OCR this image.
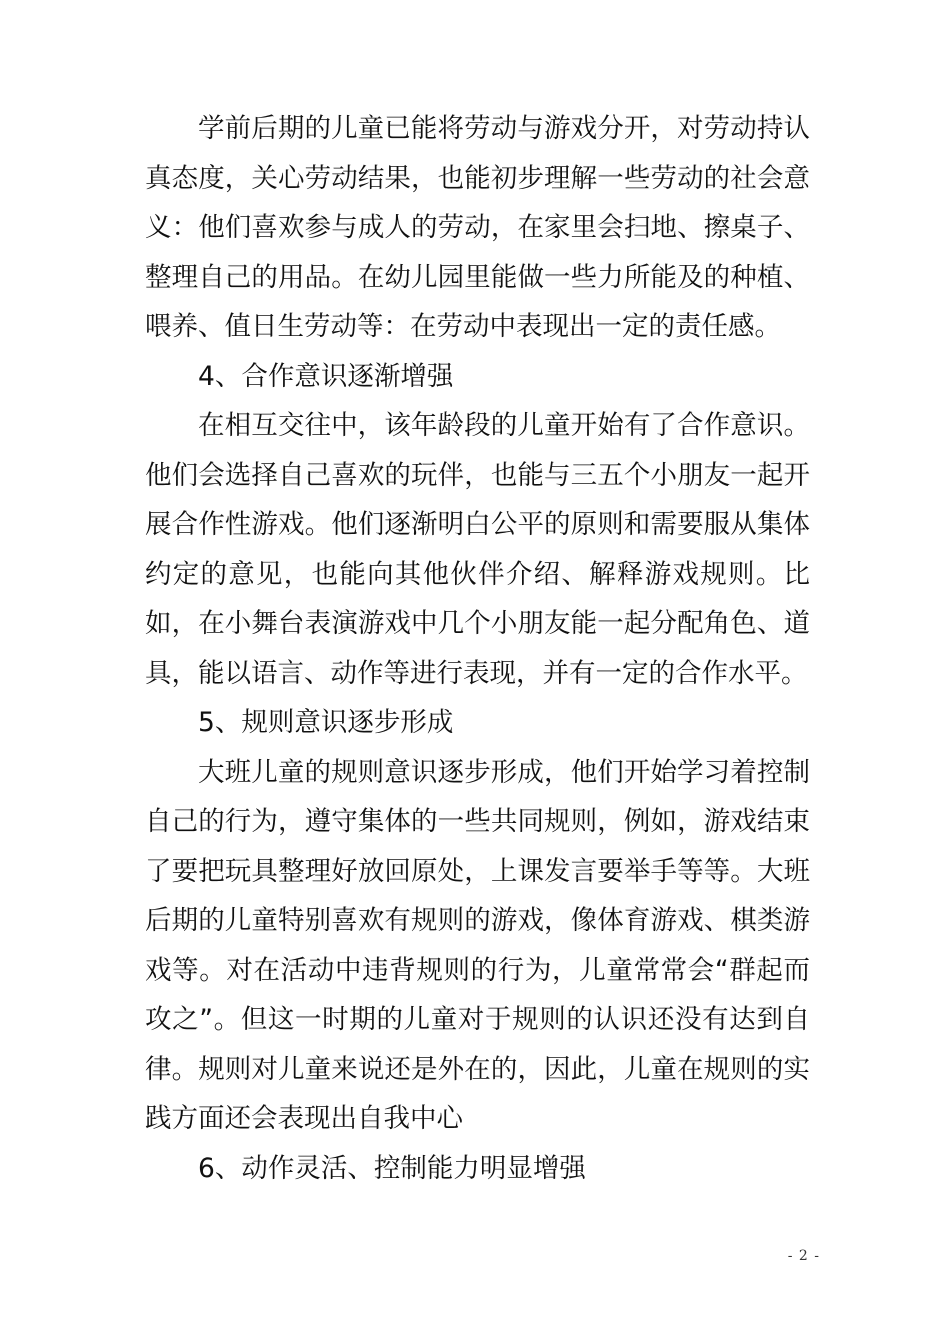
学前后期的儿童已能将劳动与游戏分开，对劳动持认真态度，关心劳动结果，也能初步理解一些劳动的社会意义：他们喜欢参与成人的劳动，在家里会扫地、擦桌子、整理自己的用品。在幼儿园里能做一些力所能及的种植、喂养、值日生劳动等：在劳动中表现出一定的责任感。

4、合作意识逐渐增强

在相互交往中，该年龄段的儿童开始有了合作意识。他们会选择自己喜欢的玩伴，也能与三五个小朋友一起开展合作性游戏。他们逐渐明白公平的原则和需要服从集体约定的意见，也能向其他伙伴介绍、解释游戏规则。比如，在小舞台表演游戏中几个小朋友能一起分配角色、道具，能以语言、动作等进行表现，并有一定的合作水平。

5、规则意识逐步形成

大班儿童的规则意识逐步形成，他们开始学习着控制自己的行为，遵守集体的一些共同规则，例如，游戏结束了要把玩具整理好放回原处，上课发言要举手等等。大班后期的儿童特别喜欢有规则的游戏，像体育游戏、棋类游戏等。对在活动中违背规则的行为，儿童常常会“群起而攻之”。但这一时期的儿童对于规则的认识还没有达到自律。规则对儿童来说还是外在的，因此，儿童在规则的实践方面还会表现出自我中心

6、动作灵活、控制能力明显增强

- 2 -
